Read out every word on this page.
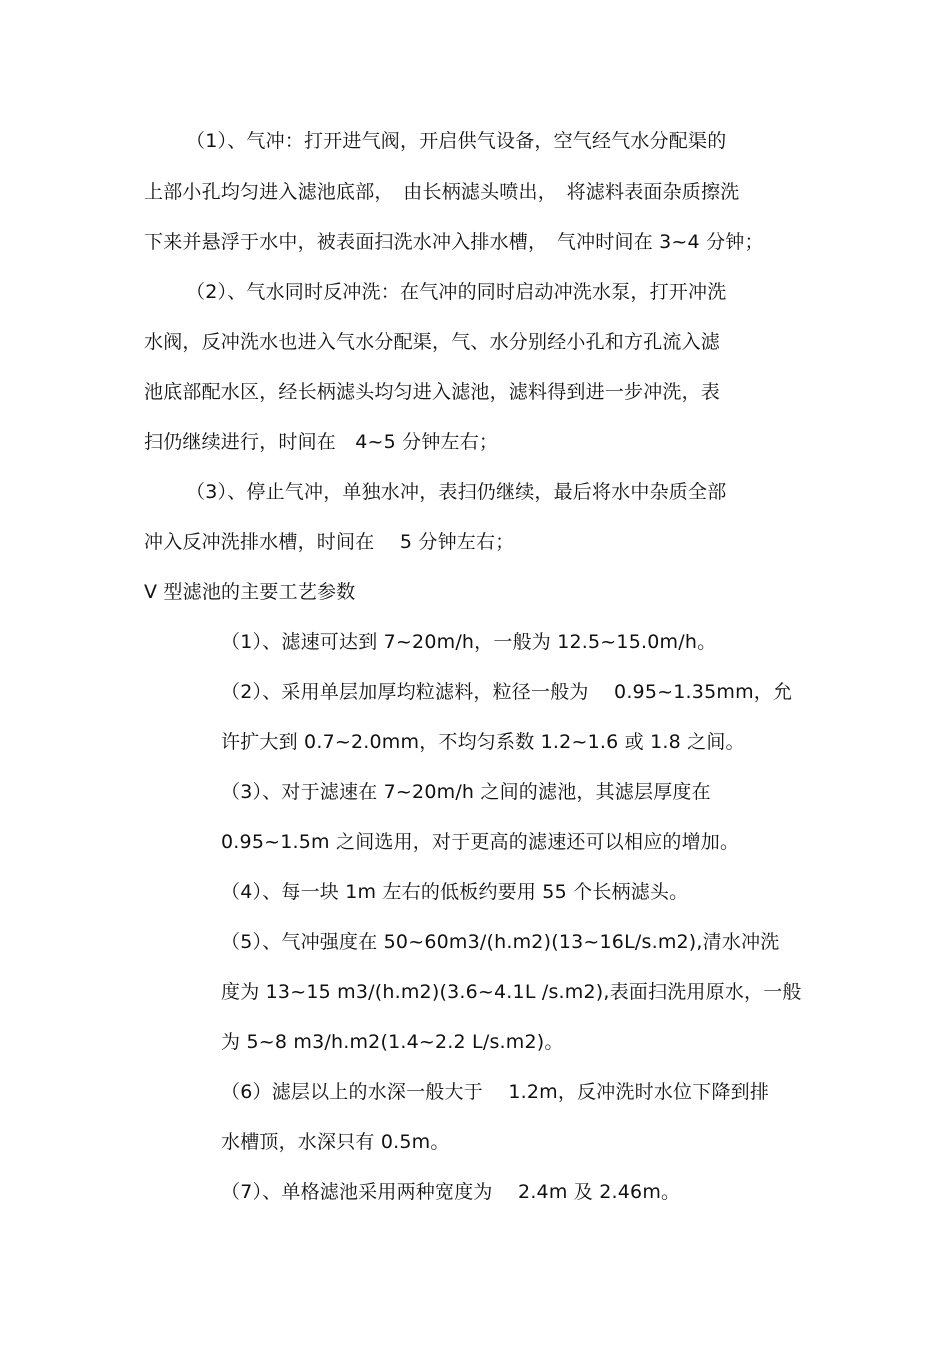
（1）、气冲：打开进气阀，开启供气设备，空气经气水分配渠的
上部小孔均匀进入滤池底部，　由长柄滤头喷出，　将滤料表面杂质擦洗
下来并悬浮于水中，被表面扫洗水冲入排水槽，　气冲时间在 3~4 分钟；
（2）、气水同时反冲洗：在气冲的同时启动冲洗水泵，打开冲洗
水阀，反冲洗水也进入气水分配渠，气、水分别经小孔和方孔流入滤
池底部配水区，经长柄滤头均匀进入滤池，滤料得到进一步冲洗，表
扫仍继续进行，时间在　4~5 分钟左右；
（3）、停止气冲，单独水冲，表扫仍继续，最后将水中杂质全部
冲入反冲洗排水槽，时间在　 5 分钟左右；
V 型滤池的主要工艺参数
（1）、滤速可达到 7~20m/h，一般为 12.5~15.0m/h。
（2）、采用单层加厚均粒滤料，粒径一般为　 0.95~1.35mm，允
许扩大到 0.7~2.0mm，不均匀系数 1.2~1.6 或 1.8 之间。
（3）、对于滤速在 7~20m/h 之间的滤池，其滤层厚度在
0.95~1.5m 之间选用，对于更高的滤速还可以相应的增加。
（4）、每一块 1m 左右的低板约要用 55 个长柄滤头。
（5）、气冲强度在 50~60m3/(h.m2)(13~16L/s.m2),清水冲洗
度为 13~15 m3/(h.m2)(3.6~4.1L /s.m2),表面扫洗用原水，一般
为 5~8 m3/h.m2(1.4~2.2 L/s.m2)。
（6）滤层以上的水深一般大于　 1.2m，反冲洗时水位下降到排
水槽顶，水深只有 0.5m。
（7）、单格滤池采用两种宽度为　 2.4m 及 2.46m。
